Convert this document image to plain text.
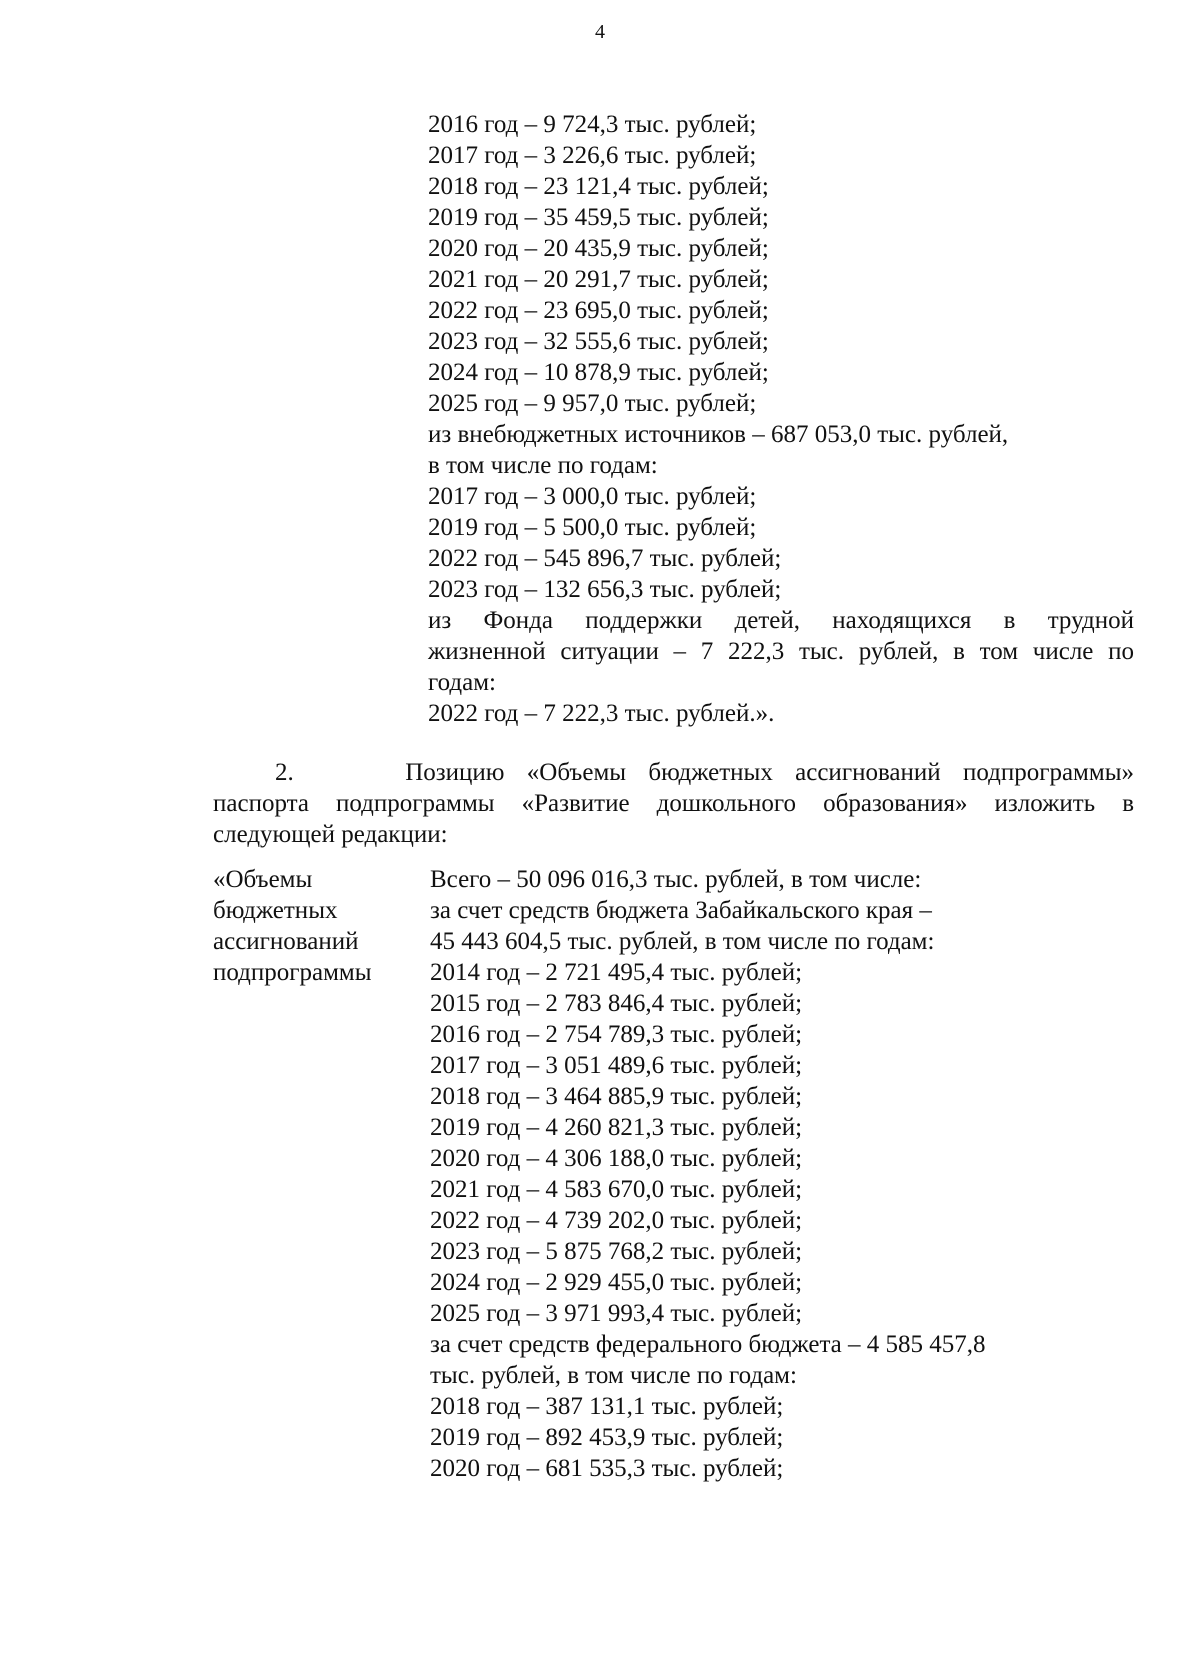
4
2016 год – 9 724,3 тыс. рублей;
2017 год – 3 226,6 тыс. рублей;
2018 год – 23 121,4 тыс. рублей;
2019 год – 35 459,5 тыс. рублей;
2020 год – 20 435,9 тыс. рублей;
2021 год – 20 291,7 тыс. рублей;
2022 год – 23 695,0 тыс. рублей;
2023 год – 32 555,6 тыс. рублей;
2024 год – 10 878,9 тыс. рублей;
2025 год – 9 957,0 тыс. рублей;
из внебюджетных источников – 687 053,0 тыс. рублей,
в том числе по годам:
2017 год – 3 000,0 тыс. рублей;
2019 год – 5 500,0 тыс. рублей;
2022 год – 545 896,7 тыс. рублей;
2023 год – 132 656,3 тыс. рублей;
из Фонда поддержки детей, находящихся в трудной
жизненной ситуации – 7 222,3 тыс. рублей, в том числе по
годам:
2022 год – 7 222,3 тыс. рублей.».
2.     Позицию «Объемы бюджетных ассигнований подпрограммы»
паспорта подпрограммы «Развитие дошкольного образования» изложить в
следующей редакции:
«Объемы
бюджетных
ассигнований
подпрограммы
Всего – 50 096 016,3 тыс. рублей, в том числе:
за счет средств бюджета Забайкальского края –
45 443 604,5 тыс. рублей, в том числе по годам:
2014 год – 2 721 495,4 тыс. рублей;
2015 год – 2 783 846,4 тыс. рублей;
2016 год – 2 754 789,3 тыс. рублей;
2017 год – 3 051 489,6 тыс. рублей;
2018 год – 3 464 885,9 тыс. рублей;
2019 год – 4 260 821,3 тыс. рублей;
2020 год – 4 306 188,0 тыс. рублей;
2021 год – 4 583 670,0 тыс. рублей;
2022 год – 4 739 202,0 тыс. рублей;
2023 год – 5 875 768,2 тыс. рублей;
2024 год – 2 929 455,0 тыс. рублей;
2025 год – 3 971 993,4 тыс. рублей;
за счет средств федерального бюджета – 4 585 457,8
тыс. рублей, в том числе по годам:
2018 год – 387 131,1 тыс. рублей;
2019 год – 892 453,9 тыс. рублей;
2020 год – 681 535,3 тыс. рублей;
